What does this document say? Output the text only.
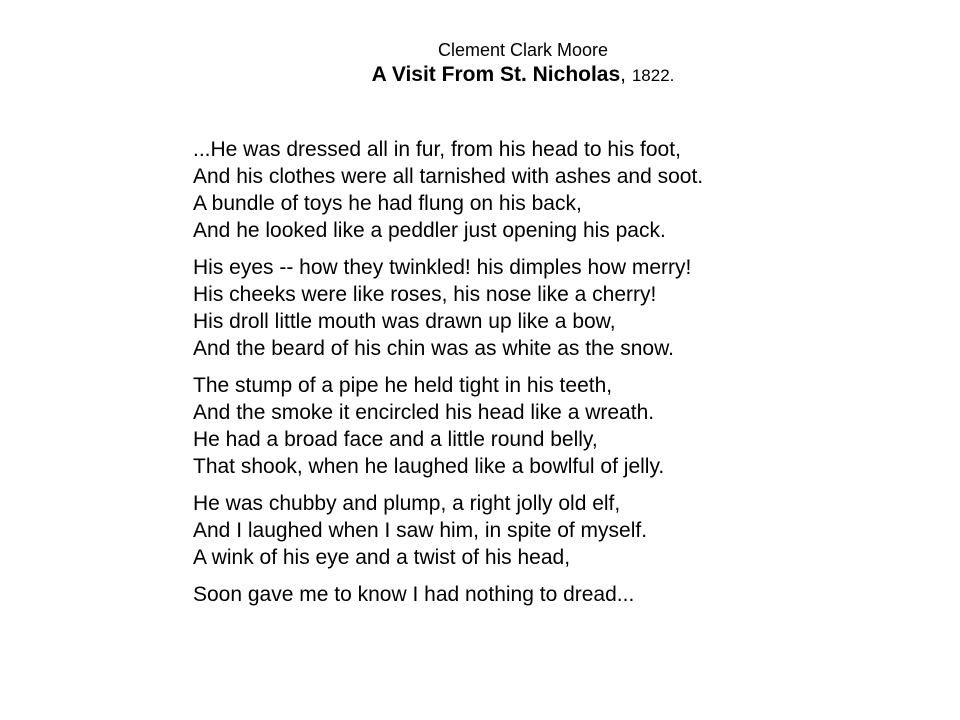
Clement Clark Moore
A Visit From St. Nicholas, 1822.
...He was dressed all in fur, from his head to his foot,
And his clothes were all tarnished with ashes and soot.
A bundle of toys he had flung on his back,
And he looked like a peddler just opening his pack.
His eyes -- how they twinkled! his dimples how merry!
His cheeks were like roses, his nose like a cherry!
His droll little mouth was drawn up like a bow,
And the beard of his chin was as white as the snow.
The stump of a pipe he held tight in his teeth,
And the smoke it encircled his head like a wreath.
He had a broad face and a little round belly,
That shook, when he laughed like a bowlful of jelly.
He was chubby and plump, a right jolly old elf,
And I laughed when I saw him, in spite of myself.
A wink of his eye and a twist of his head,
Soon gave me to know I had nothing to dread...
